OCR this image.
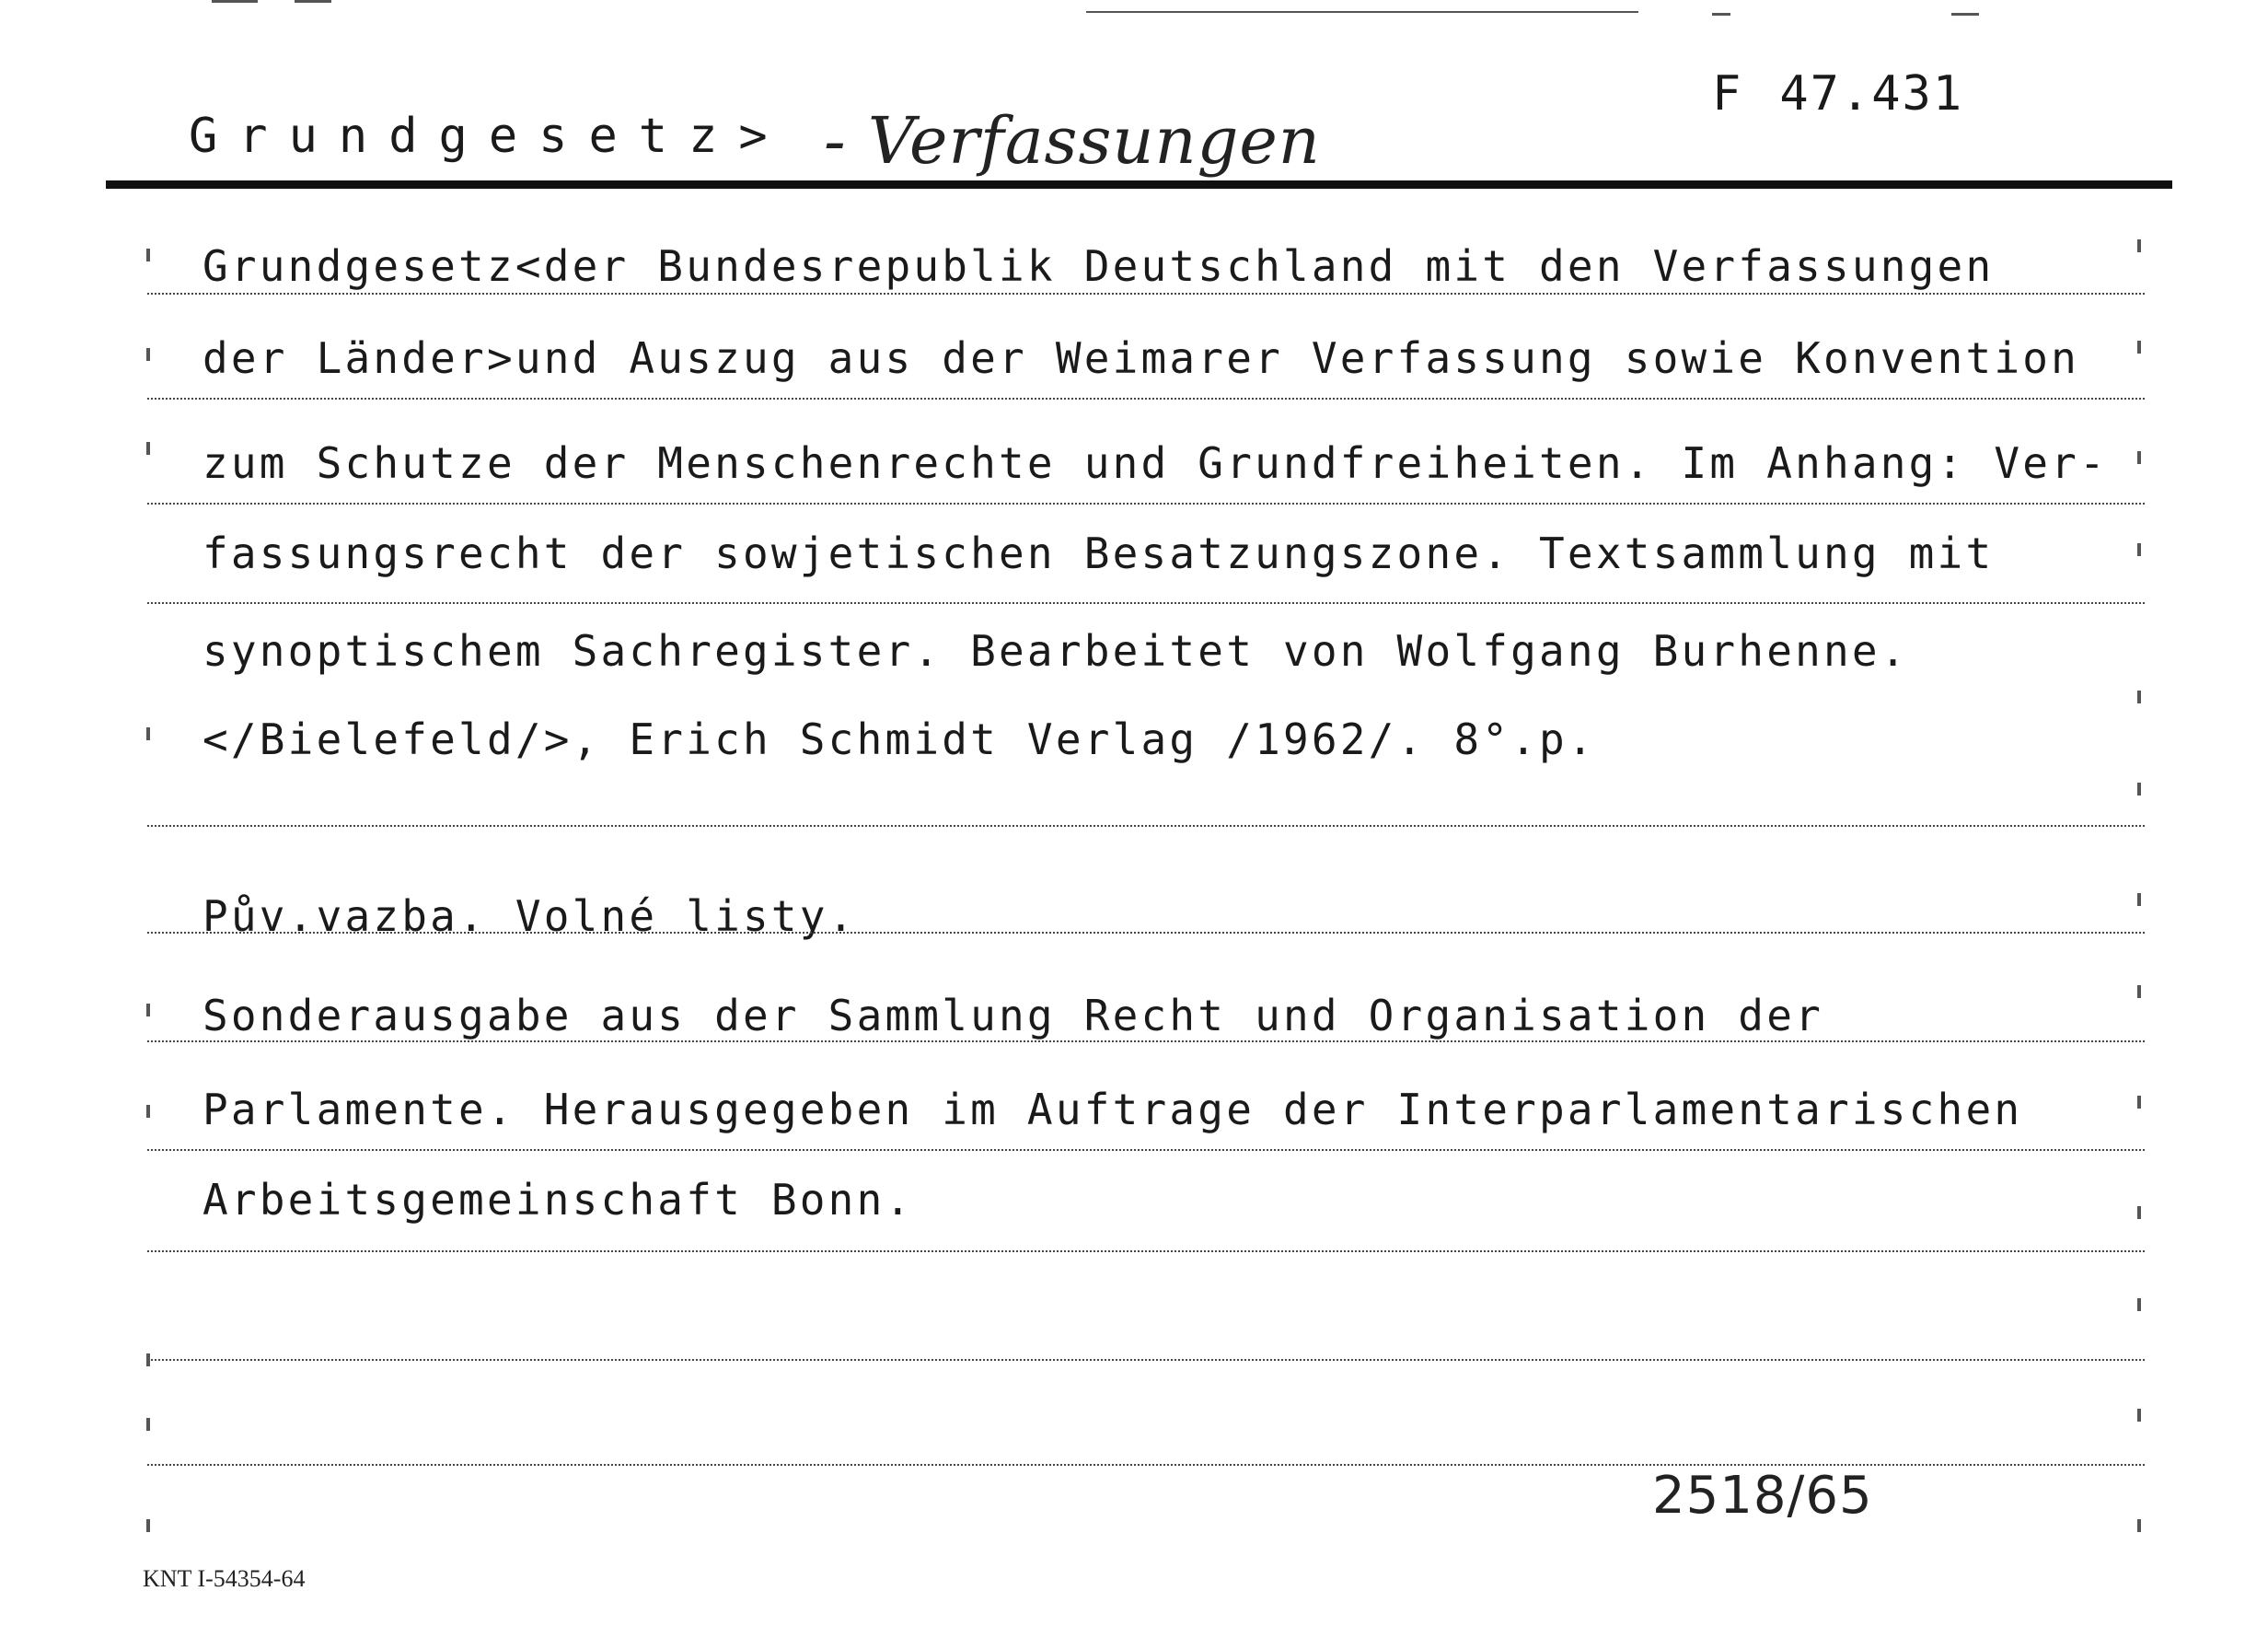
F 47.431
Grundgesetz> - Verfassungen
Grundgesetz<der Bundesrepublik Deutschland mit den Verfassungen
der Länder>und Auszug aus der Weimarer Verfassung sowie Konvention
zum Schutze der Menschenrechte und Grundfreiheiten. Im Anhang: Ver-
fassungsrecht der sowjetischen Besatzungszone. Textsammlung mit
synoptischem Sachregister. Bearbeitet von Wolfgang Burhenne.
</Bielefeld/>, Erich Schmidt Verlag /1962/. 8°.p.
Pův.vazba. Volné listy.
Sonderausgabe aus der Sammlung Recht und Organisation der
Parlamente. Herausgegeben im Auftrage der Interparlamentarischen
Arbeitsgemeinschaft Bonn.
2518/65
KNT I-54354-64
